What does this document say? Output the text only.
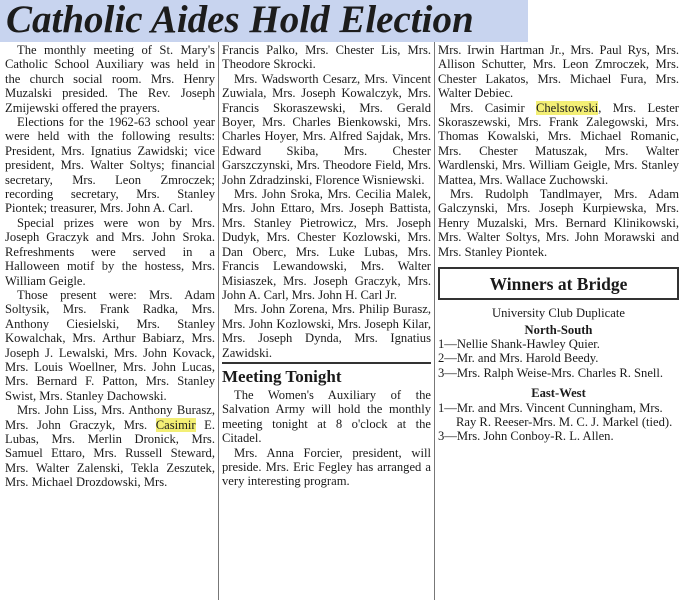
Catholic Aides Hold Election

The monthly meeting of St. Mary's Catholic School Auxiliary was held in the church social room. Mrs. Henry Muzalski presided. The Rev. Joseph Zmijewski offered the prayers.

Elections for the 1962-63 school year were held with the following results: President, Mrs. Ignatius Zawidski; vice president, Mrs. Walter Soltys; financial secretary, Mrs. Leon Zmroczek; recording secretary, Mrs. Stanley Piontek; treasurer, Mrs. John A. Carl.

Special prizes were won by Mrs. Joseph Graczyk and Mrs. John Sroka. Refreshments were served in a Halloween motif by the hostess, Mrs. William Geigle.

Those present were: Mrs. Adam Soltysik, Mrs. Frank Radka, Mrs. Anthony Ciesielski, Mrs. Stanley Kowalchak, Mrs. Arthur Babiarz, Mrs. Joseph J. Lewalski, Mrs. John Kovack, Mrs. Louis Woellner, Mrs. John Lucas, Mrs. Bernard F. Patton, Mrs. Stanley Swist, Mrs. Stanley Dachowski.

Mrs. John Liss, Mrs. Anthony Burasz, Mrs. John Graczyk, Mrs. Casimir E. Lubas, Mrs. Merlin Dronick, Mrs. Samuel Ettaro, Mrs. Russell Steward, Mrs. Walter Zalenski, Tekla Zeszutek, Mrs. Michael Drozdowski, Mrs.

Francis Palko, Mrs. Chester Lis, Mrs. Theodore Skrocki.

Mrs. Wadsworth Cesarz, Mrs. Vincent Zuwiala, Mrs. Joseph Kowalczyk, Mrs. Francis Skoraszewski, Mrs. Gerald Boyer, Mrs. Charles Bienkowski, Mrs. Charles Hoyer, Mrs. Alfred Sajdak, Mrs. Edward Skiba, Mrs. Chester Garszczynski, Mrs. Theodore Field, Mrs. John Zdradzinski, Florence Wisniewski.

Mrs. John Sroka, Mrs. Cecilia Malek, Mrs. John Ettaro, Mrs. Joseph Battista, Mrs. Stanley Pietrowicz, Mrs. Joseph Dudyk, Mrs. Chester Kozlowski, Mrs. Dan Oberc, Mrs. Luke Lubas, Mrs. Francis Lewandowski, Mrs. Walter Misiaszek, Mrs. Joseph Graczyk, Mrs. John A. Carl, Mrs. John H. Carl Jr.

Mrs. John Zorena, Mrs. Philip Burasz, Mrs. John Kozlowski, Mrs. Joseph Kilar, Mrs. Joseph Dynda, Mrs. Ignatius Zawidski.

Meeting Tonight

The Women's Auxiliary of the Salvation Army will hold the monthly meeting tonight at 8 o'clock at the Citadel.

Mrs. Anna Forcier, president, will preside. Mrs. Eric Fegley has arranged a very interesting program.

Mrs. Irwin Hartman Jr., Mrs. Paul Rys, Mrs. Allison Schutter, Mrs. Leon Zmroczek, Mrs. Chester Lakatos, Mrs. Michael Fura, Mrs. Walter Debiec.

Mrs. Casimir Chelstowski, Mrs. Lester Skoraszewski, Mrs. Frank Zalegowski, Mrs. Thomas Kowalski, Mrs. Michael Romanic, Mrs. Chester Matuszak, Mrs. Walter Wardlenski, Mrs. William Geigle, Mrs. Stanley Mattea, Mrs. Wallace Zuchowski.

Mrs. Rudolph Tandlmayer, Mrs. Adam Galczynski, Mrs. Joseph Kurpiewska, Mrs. Henry Muzalski, Mrs. Bernard Klinikowski, Mrs. Walter Soltys, Mrs. John Morawski and Mrs. Stanley Piontek.

Winners at Bridge

University Club Duplicate

North-South

1—Nellie Shank-Hawley Quier.

2—Mr. and Mrs. Harold Beedy.

3—Mrs. Ralph Weise-Mrs. Charles R. Snell.

East-West

1—Mr. and Mrs. Vincent Cunningham, Mrs. Ray R. Reeser-Mrs. M. C. J. Markel (tied).

3—Mrs. John Conboy-R. L. Allen.
